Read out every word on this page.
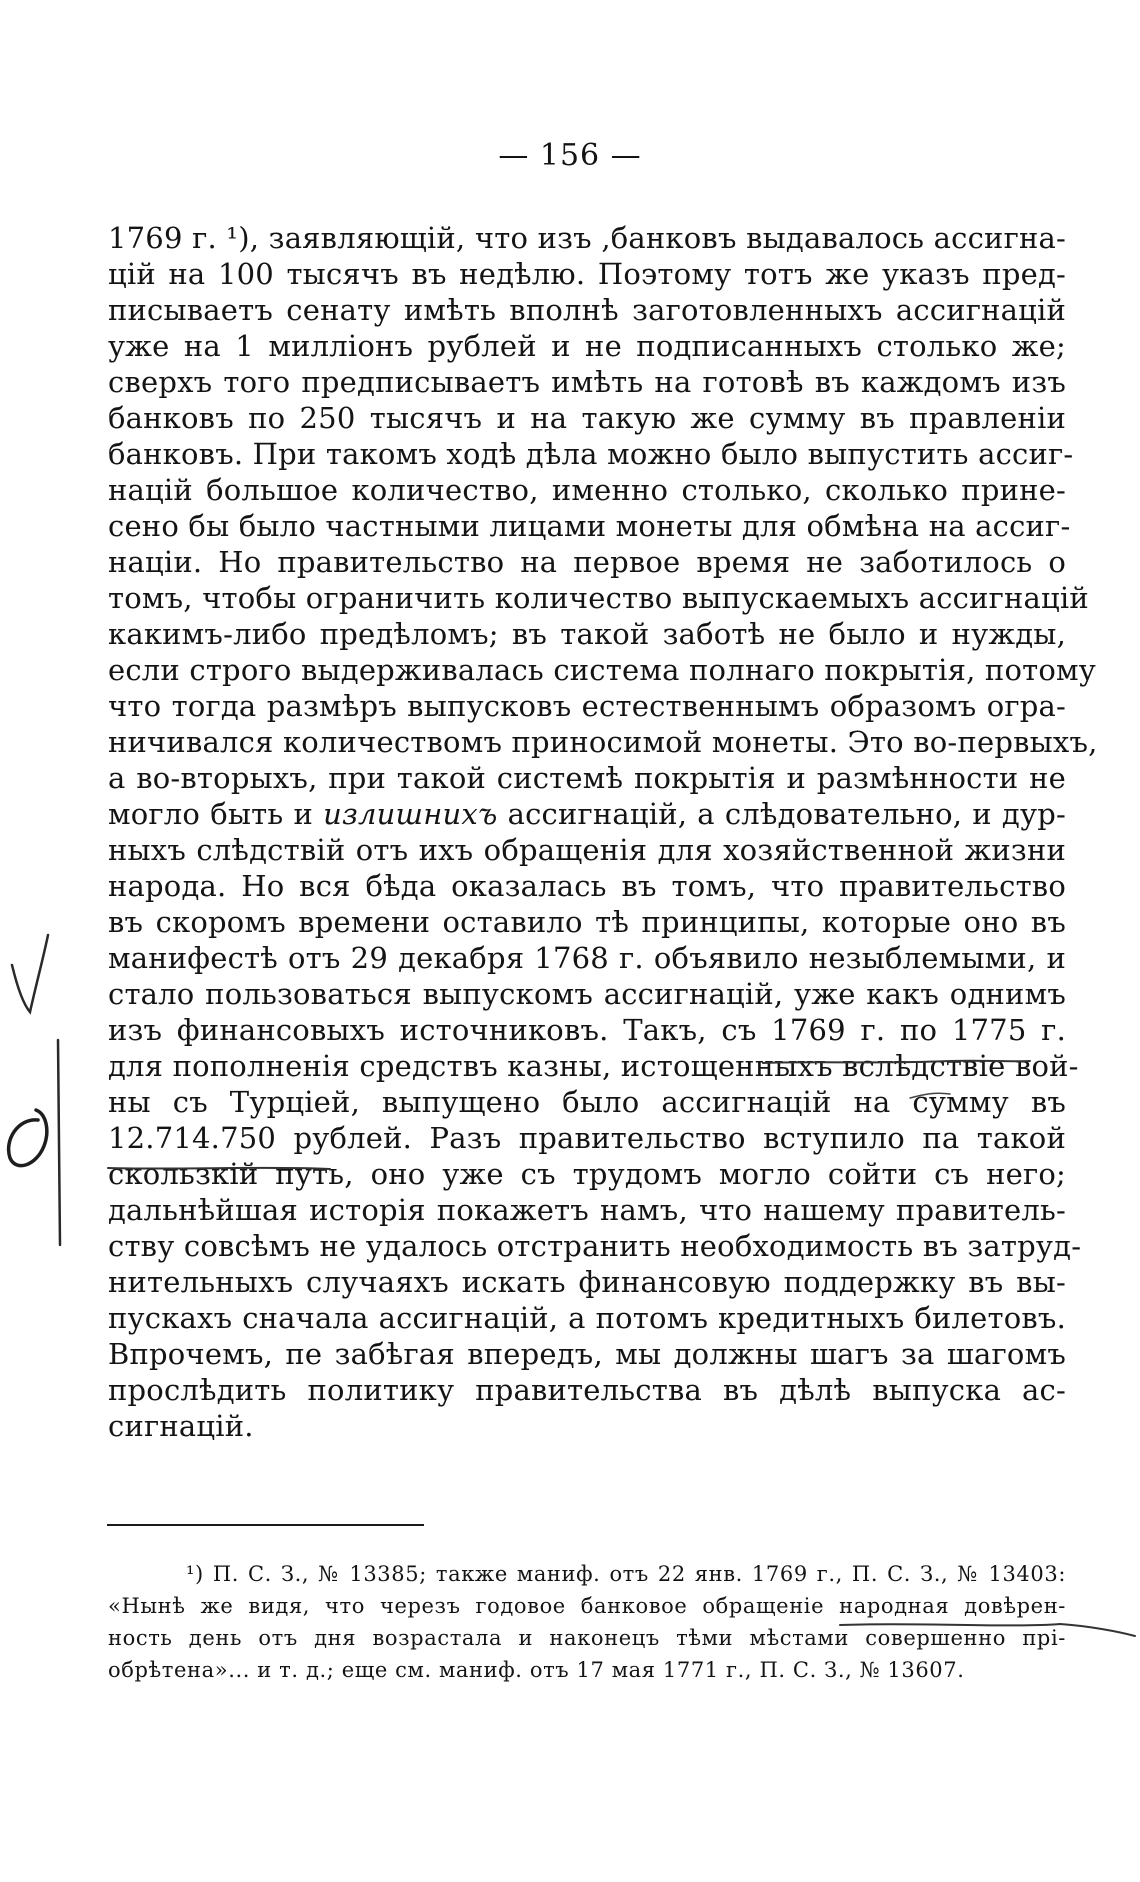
— 156 —
1769 г. ¹), заявляющій, что изъ ,банковъ выдавалось ассигна-
цій на 100 тысячъ въ недѣлю. Поэтому тотъ же указъ пред-
писываетъ сенату имѣть вполнѣ заготовленныхъ ассигнацій
уже на 1 милліонъ рублей и не подписанныхъ столько же;
сверхъ того предписываетъ имѣть на готовѣ въ каждомъ изъ
банковъ по 250 тысячъ и на такую же сумму въ правленіи
банковъ. При такомъ ходѣ дѣла можно было выпустить ассиг-
націй большое количество, именно столько, сколько принe-
сено бы было частными лицами монеты для обмѣна на ассиг-
націи. Но правительство на первое время не заботилось о
томъ, чтобы ограничить количество выпускаемыхъ ассигнацій
какимъ-либо предѣломъ; въ такой заботѣ не было и нужды,
если строго выдерживалась система полнаго покрытія, потому
что тогда размѣръ выпусковъ естественнымъ образомъ огра-
ничивался количествомъ приносимой монеты. Это во-первыхъ,
а во-вторыхъ, при такой системѣ покрытія и размѣнности не
могло быть и излишнихъ ассигнацій, а слѣдовательно, и дур-
ныхъ слѣдствій отъ ихъ обращенія для хозяйственной жизни
народа. Но вся бѣда оказалась въ томъ, что правительство
въ скоромъ времени оставило тѣ принципы, которые оно въ
манифестѣ отъ 29 декабря 1768 г. объявило незыблемыми, и
стало пользоваться выпускомъ ассигнацій, уже какъ однимъ
изъ финансовыхъ источниковъ. Такъ, съ 1769 г. по 1775 г.
для пополненія средствъ казны, истощенныхъ вслѣдствіе вой-
ны съ Турціей, выпущено было ассигнацій на сумму въ
12.714.750 рублей. Разъ правительство вступило па такой
скользкій путь, оно уже съ трудомъ могло сойти съ него;
дальнѣйшая исторія покажетъ намъ, что нашему правитель-
ству совсѣмъ не удалось отстранить необходимость въ затруд-
нительныхъ случаяхъ искать финансовую поддержку въ вы-
пускахъ сначала ассигнацій, а потомъ кредитныхъ билетовъ.
Впрочемъ, пе забѣгая впередъ, мы должны шагъ за шагомъ
прослѣдить политику правительства въ дѣлѣ выпуска ас-
сигнацій.
¹) П. С. З., № 13385; также маниф. отъ 22 янв. 1769 г., П. С. З., № 13403:
«Нынѣ же видя, что черезъ годовое банковое обращеніе народная довѣрен-
ность день отъ дня возрастала и наконецъ тѣми мѣстами совершенно прі-
обрѣтена»... и т. д.; еще см. маниф. отъ 17 мая 1771 г., П. С. З., № 13607.
